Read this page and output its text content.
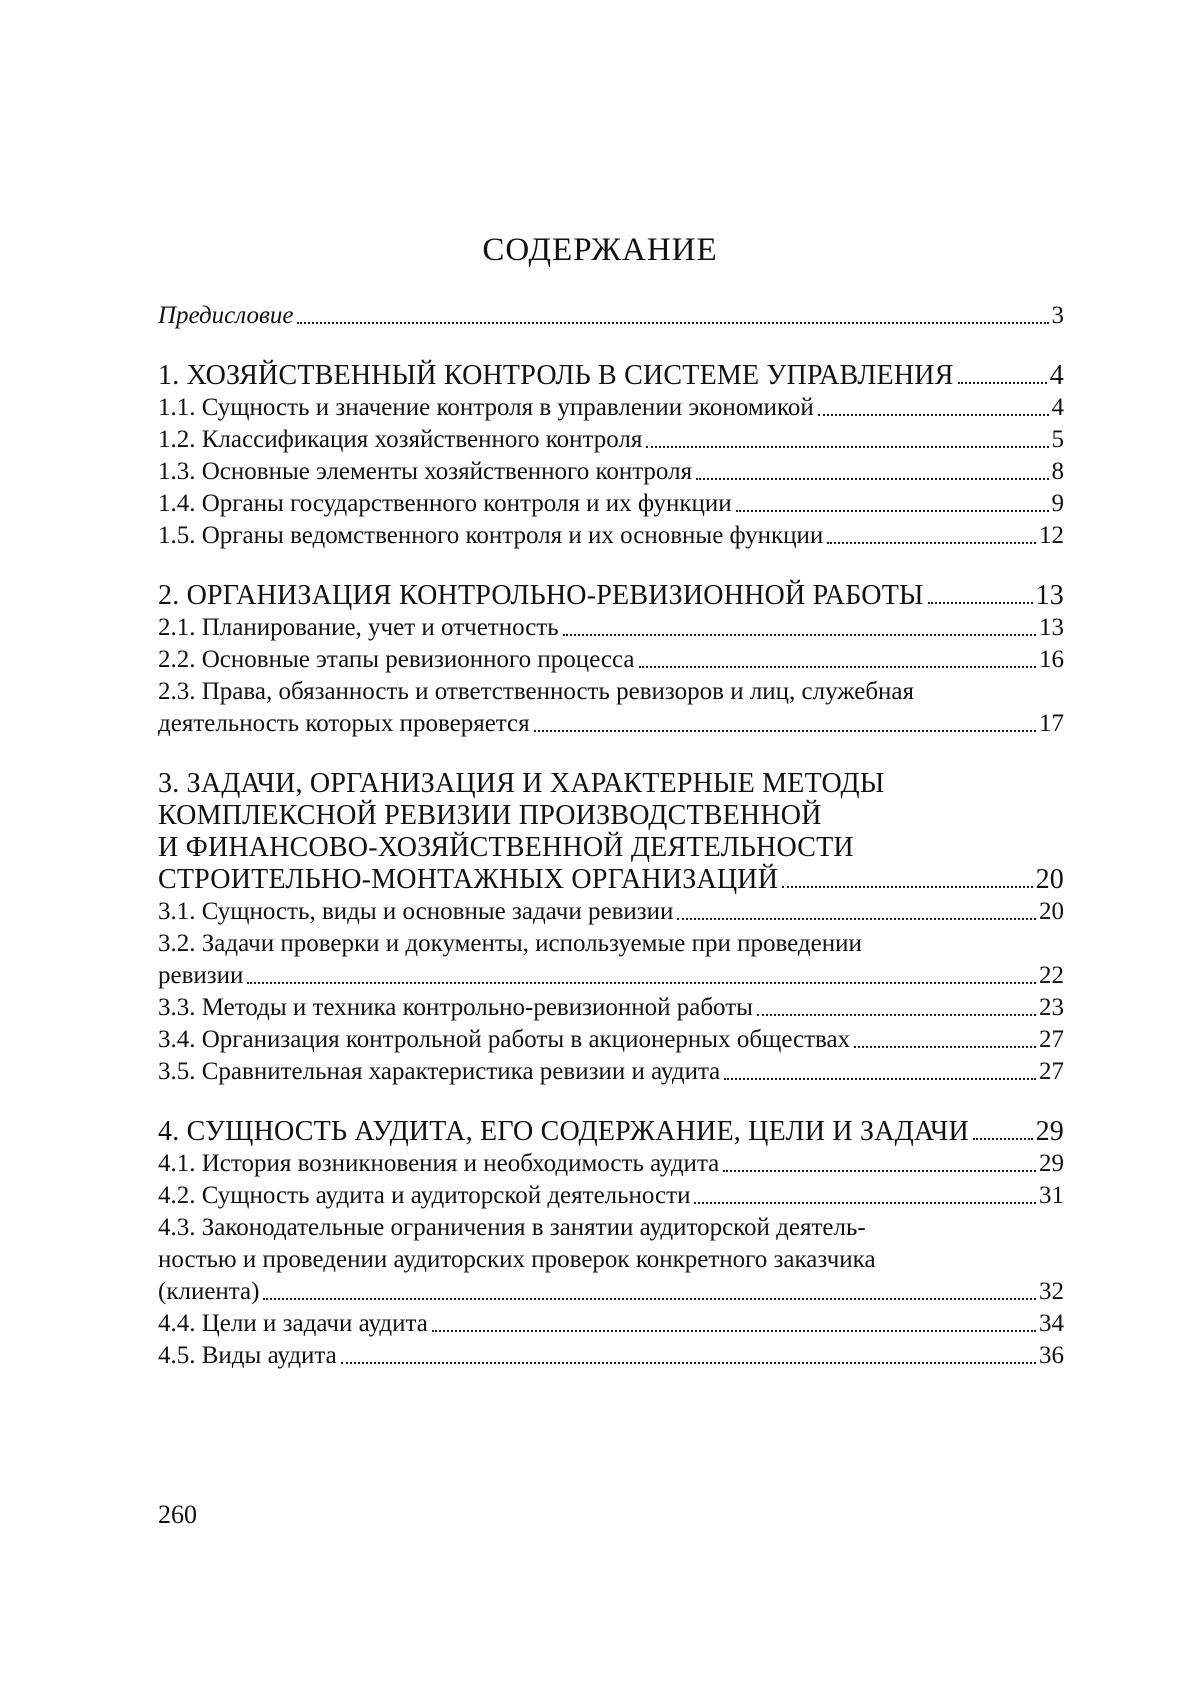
СОДЕРЖАНИЕ
Предисловие	3
1. ХОЗЯЙСТВЕННЫЙ КОНТРОЛЬ В СИСТЕМЕ УПРАВЛЕНИЯ	4
1.1. Сущность и значение контроля в управлении экономикой	4
1.2. Классификация хозяйственного контроля	5
1.3. Основные элементы хозяйственного контроля	8
1.4. Органы государственного контроля и их функции	9
1.5. Органы ведомственного контроля и их основные функции	12
2. ОРГАНИЗАЦИЯ КОНТРОЛЬНО-РЕВИЗИОННОЙ РАБОТЫ	13
2.1. Планирование, учет и отчетность	13
2.2. Основные этапы ревизионного процесса	16
2.3. Права, обязанность и ответственность ревизоров и лиц, служебная
деятельность которых проверяется	17
3. ЗАДАЧИ, ОРГАНИЗАЦИЯ И ХАРАКТЕРНЫЕ МЕТОДЫ
КОМПЛЕКСНОЙ РЕВИЗИИ ПРОИЗВОДСТВЕННОЙ
И ФИНАНСОВО-ХОЗЯЙСТВЕННОЙ ДЕЯТЕЛЬНОСТИ
СТРОИТЕЛЬНО-МОНТАЖНЫХ ОРГАНИЗАЦИЙ	20
3.1. Сущность, виды и основные задачи ревизии	20
3.2. Задачи проверки и документы, используемые при проведении
ревизии	22
3.3. Методы и техника контрольно-ревизионной работы	23
3.4. Организация контрольной работы в акционерных обществах	27
3.5. Сравнительная характеристика ревизии и аудита	27
4. СУЩНОСТЬ АУДИТА, ЕГО СОДЕРЖАНИЕ, ЦЕЛИ И ЗАДАЧИ 29
4.1. История возникновения и необходимость аудита	29
4.2. Сущность аудита и аудиторской деятельности	31
4.3. Законодательные ограничения в занятии аудиторской деятель-
ностью и проведении аудиторских проверок конкретного заказчика
(клиента)	32
4.4. Цели и задачи аудита	34
4.5. Виды аудита	36
260
